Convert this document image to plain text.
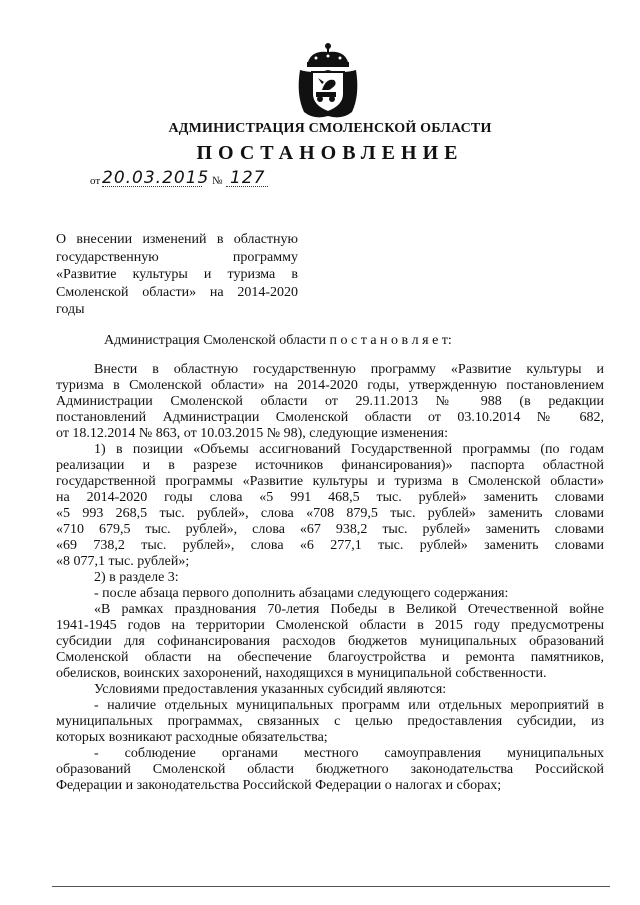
АДМИНИСТРАЦИЯ СМОЛЕНСКОЙ ОБЛАСТИ
ПОСТАНОВЛЕНИЕ
от 20.03.2015 № 127
О внесении изменений в областную
государственную программу
«Развитие культуры и туризма в
Смоленской области» на 2014-2020
годы
Администрация Смоленской области п о с т а н о в л я е т:
Внести в областную государственную программу «Развитие культуры и
туризма в Смоленской области» на 2014-2020 годы, утвержденную постановлением
Администрации Смоленской области от 29.11.2013 № 988 (в редакции
постановлений Администрации Смоленской области от 03.10.2014 № 682,
от 18.12.2014 № 863, от 10.03.2015 № 98), следующие изменения:
1) в позиции «Объемы ассигнований Государственной программы (по годам
реализации и в разрезе источников финансирования)» паспорта областной
государственной программы «Развитие культуры и туризма в Смоленской области»
на 2014-2020 годы слова «5 991 468,5 тыс. рублей» заменить словами
«5 993 268,5 тыс. рублей», слова «708 879,5 тыс. рублей» заменить словами
«710 679,5 тыс. рублей», слова «67 938,2 тыс. рублей» заменить словами
«69 738,2 тыс. рублей», слова «6 277,1 тыс. рублей» заменить словами
«8 077,1 тыс. рублей»;
2) в разделе 3:
- после абзаца первого дополнить абзацами следующего содержания:
«В рамках празднования 70-летия Победы в Великой Отечественной войне
1941-1945 годов на территории Смоленской области в 2015 году предусмотрены
субсидии для софинансирования расходов бюджетов муниципальных образований
Смоленской области на обеспечение благоустройства и ремонта памятников,
обелисков, воинских захоронений, находящихся в муниципальной собственности.
Условиями предоставления указанных субсидий являются:
- наличие отдельных муниципальных программ или отдельных мероприятий в
муниципальных программах, связанных с целью предоставления субсидии, из
которых возникают расходные обязательства;
- соблюдение органами местного самоуправления муниципальных
образований Смоленской области бюджетного законодательства Российской
Федерации и законодательства Российской Федерации о налогах и сборах;
